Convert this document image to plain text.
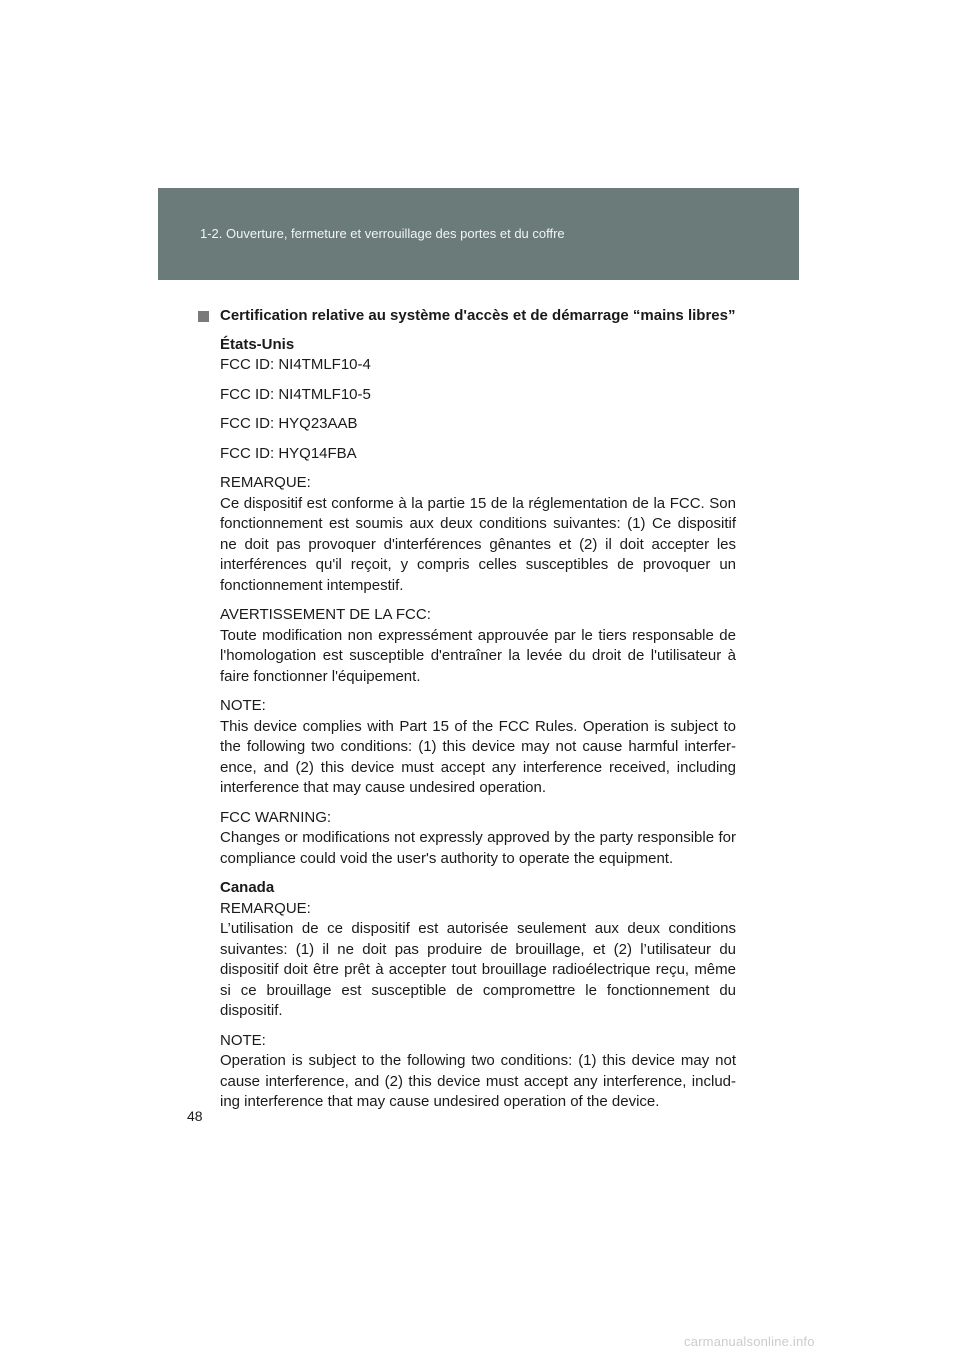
1-2. Ouverture, fermeture et verrouillage des portes et du coffre
Certification relative au système d'accès et de démarrage “mains libres”
États-Unis
FCC ID: NI4TMLF10-4
FCC ID: NI4TMLF10-5
FCC ID: HYQ23AAB
FCC ID: HYQ14FBA
REMARQUE:
Ce dispositif est conforme à la partie 15 de la réglementation de la FCC. Son fonctionnement est soumis aux deux conditions suivantes: (1) Ce dispositif ne doit pas provoquer d'interférences gênantes et (2) il doit accepter les interférences qu'il reçoit, y compris celles susceptibles de provoquer un fonctionnement intempestif.
AVERTISSEMENT DE LA FCC:
Toute modification non expressément approuvée par le tiers responsable de l'homologation est susceptible d'entraîner la levée du droit de l'utilisateur à faire fonctionner l'équipement.
NOTE:
This device complies with Part 15 of the FCC Rules. Operation is subject to the following two conditions: (1) this device may not cause harmful interfer-ence, and (2) this device must accept any interference received, including interference that may cause undesired operation.
FCC WARNING:
Changes or modifications not expressly approved by the party responsible for compliance could void the user's authority to operate the equipment.
Canada
REMARQUE:
L’utilisation de ce dispositif est autorisée seulement aux deux conditions suivantes: (1) il ne doit pas produire de brouillage, et (2) l’utilisateur du dispositif doit être prêt à accepter tout brouillage radioélectrique reçu, même si ce brouillage est susceptible de compromettre le fonctionnement du dispositif.
NOTE:
Operation is subject to the following two conditions: (1) this device may not cause interference, and (2) this device must accept any interference, includ-ing interference that may cause undesired operation of the device.
48
carmanualsonline.info
